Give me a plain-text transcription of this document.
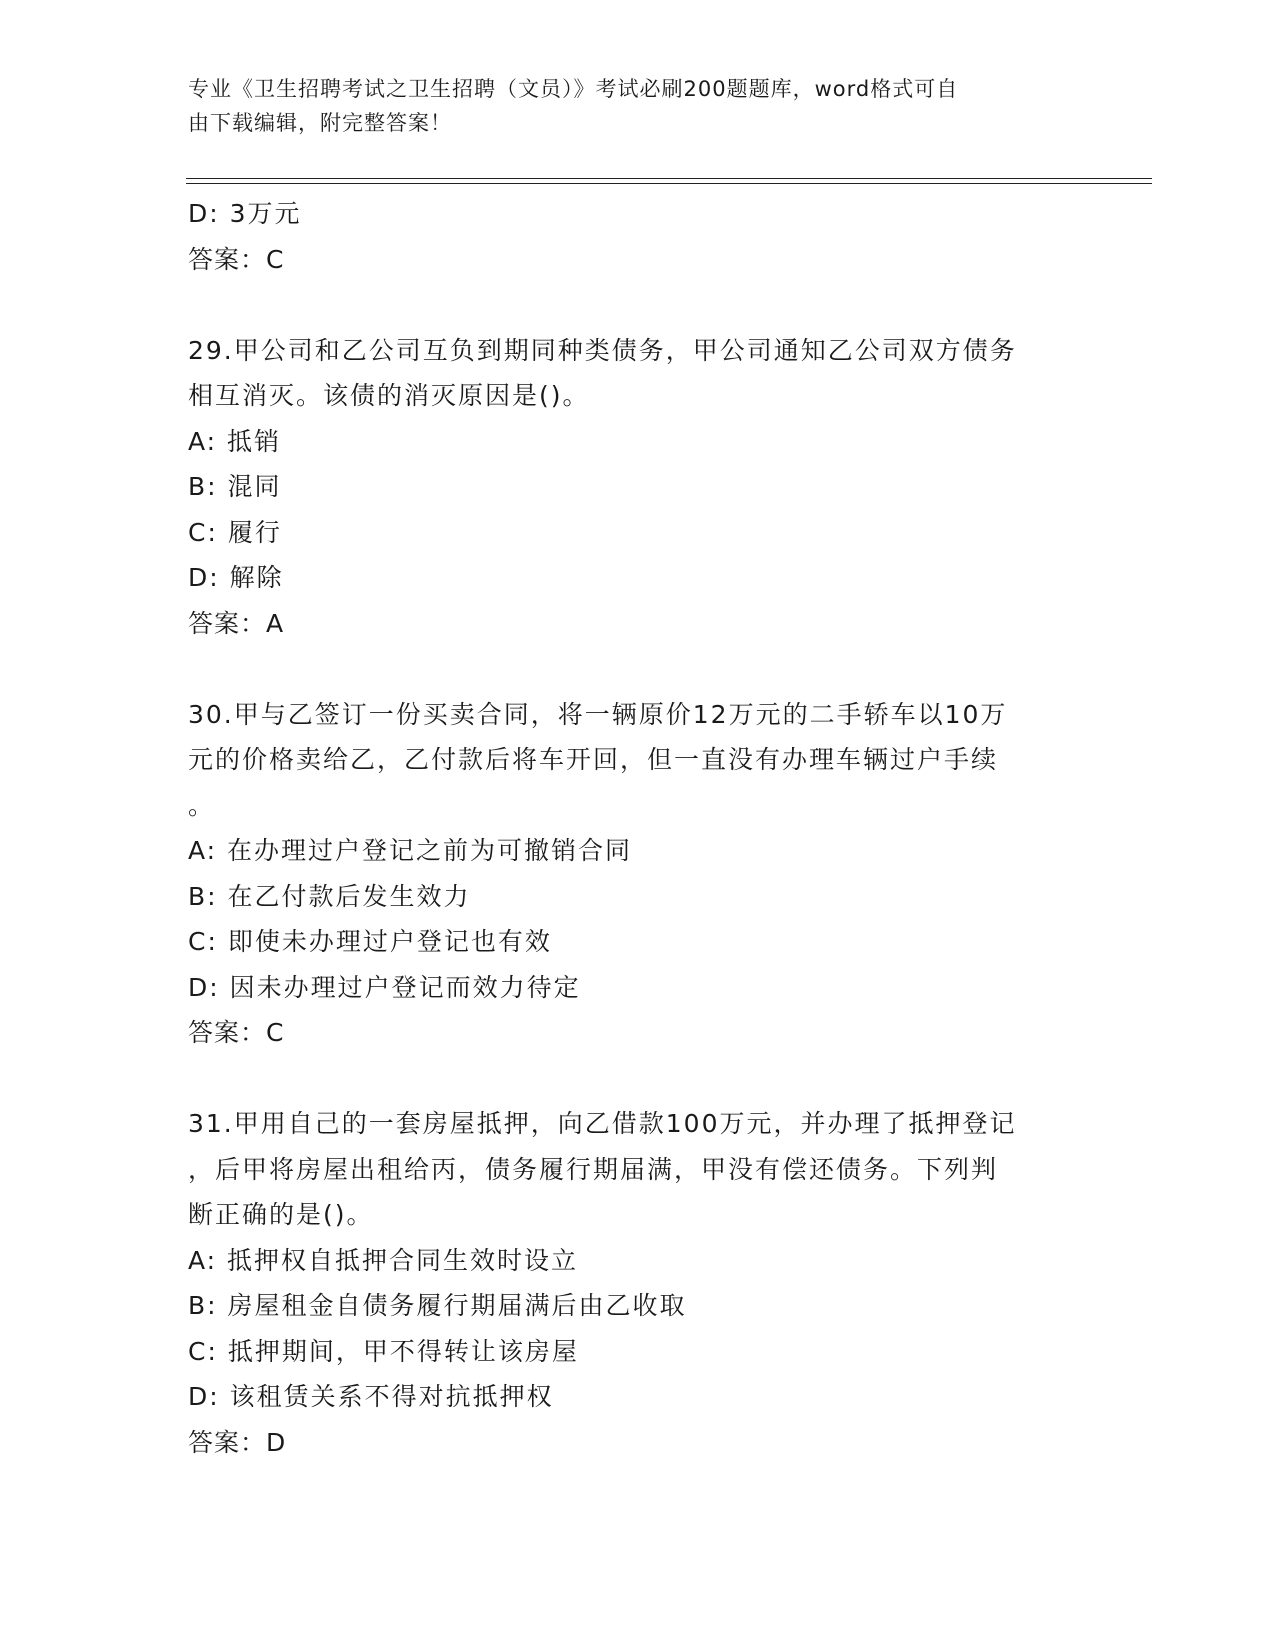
专业《卫生招聘考试之卫生招聘（文员）》考试必刷200题题库，word格式可自
由下载编辑，附完整答案！
D: 3万元
答案：C
29.甲公司和乙公司互负到期同种类债务，甲公司通知乙公司双方债务
相互消灭。该债的消灭原因是()。
A: 抵销
B: 混同
C: 履行
D: 解除
答案：A
30.甲与乙签订一份买卖合同，将一辆原价12万元的二手轿车以10万
元的价格卖给乙，乙付款后将车开回，但一直没有办理车辆过户手续
。
A: 在办理过户登记之前为可撤销合同
B: 在乙付款后发生效力
C: 即使未办理过户登记也有效
D: 因未办理过户登记而效力待定
答案：C
31.甲用自己的一套房屋抵押，向乙借款100万元，并办理了抵押登记
，后甲将房屋出租给丙，债务履行期届满，甲没有偿还债务。下列判
断正确的是()。
A: 抵押权自抵押合同生效时设立
B: 房屋租金自债务履行期届满后由乙收取
C: 抵押期间，甲不得转让该房屋
D: 该租赁关系不得对抗抵押权
答案：D
